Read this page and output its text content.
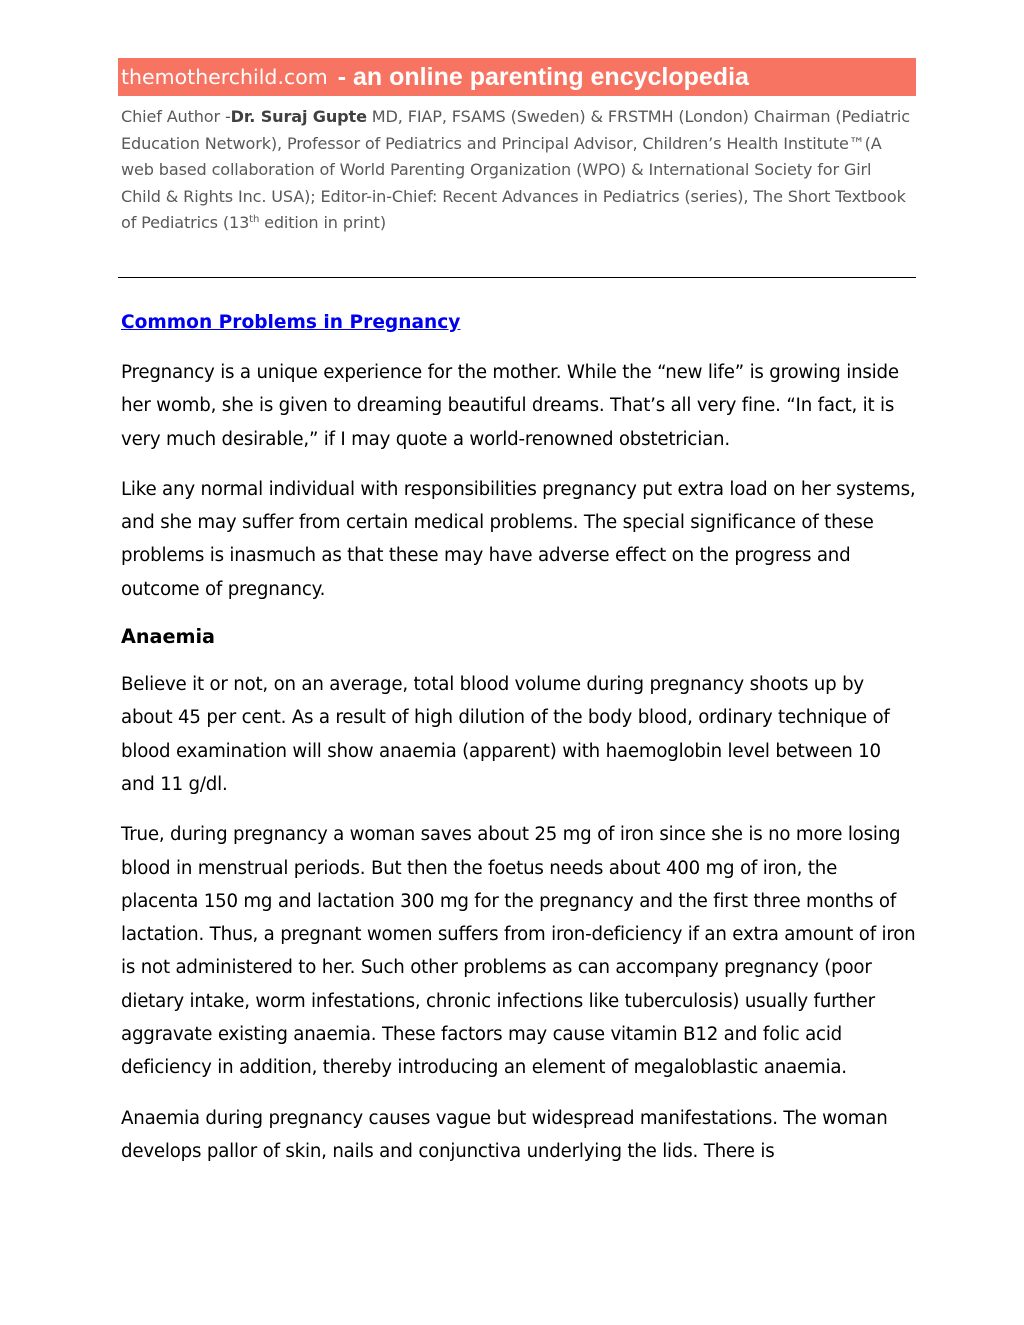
themotherchild.com - an online parenting encyclopedia
Chief Author -Dr. Suraj Gupte MD, FIAP, FSAMS (Sweden) & FRSTMH (London) Chairman (Pediatric Education Network), Professor of Pediatrics and Principal Advisor, Children’s Health Institute™(A web based collaboration of World Parenting Organization (WPO) & International Society for Girl Child & Rights Inc. USA); Editor-in-Chief: Recent Advances in Pediatrics (series), The Short Textbook of Pediatrics (13th edition in print)
Common Problems in Pregnancy

Pregnancy is a unique experience for the mother. While the “new life” is growing inside her womb, she is given to dreaming beautiful dreams. That’s all very fine. “In fact, it is very much desirable,” if I may quote a world-renowned obstetrician.

Like any normal individual with responsibilities pregnancy put extra load on her systems, and she may suffer from certain medical problems. The special significance of these problems is inasmuch as that these may have adverse effect on the progress and outcome of pregnancy.

Anaemia

Believe it or not, on an average, total blood volume during pregnancy shoots up by about 45 per cent. As a result of high dilution of the body blood, ordinary technique of blood examination will show anaemia (apparent) with haemoglobin level between 10 and 11 g/dl.

True, during pregnancy a woman saves about 25 mg of iron since she is no more losing blood in menstrual periods. But then the foetus needs about 400 mg of iron, the placenta 150 mg and lactation 300 mg for the pregnancy and the first three months of lactation. Thus, a pregnant women suffers from iron-deficiency if an extra amount of iron is not administered to her. Such other problems as can accompany pregnancy (poor dietary intake, worm infestations, chronic infections like tuberculosis) usually further aggravate existing anaemia. These factors may cause vitamin B12 and folic acid deficiency in addition, thereby introducing an element of megaloblastic anaemia.

Anaemia during pregnancy causes vague but widespread manifestations. The woman develops pallor of skin, nails and conjunctiva underlying the lids. There is
